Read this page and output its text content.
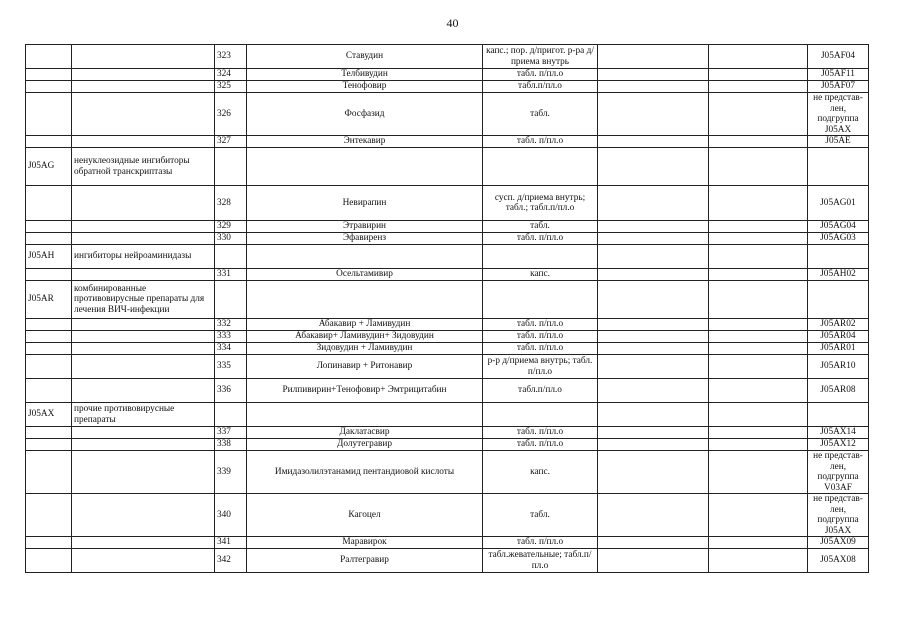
40
		323	Ставудин	капс.; пор. д/пригот. р-ра д/приема внутрь			J05AF04
		324	Телбивудин	табл. п/пл.о			J05AF11
		325	Тенофовир	табл.п/пл.о			J05AF07
		326	Фосфазид	табл.			не представ-лен, подгруппа J05AX
		327	Энтекавир	табл. п/пл.о			J05AE
J05AG	ненуклеозидные ингибиторы обратной транскриптазы						
		328	Невирапин	сусп. д/приема внутрь; табл.; табл.п/пл.о			J05AG01
		329	Этравирин	табл.			J05AG04
		330	Эфавиренз	табл. п/пл.о			J05AG03
J05AH	ингибиторы нейроаминидазы						
		331	Осельтамивир	капс.			J05AH02
J05AR	комбинированные противовирусные препараты для лечения ВИЧ-инфекции						
		332	Абакавир + Ламивудин	табл. п/пл.о			J05AR02
		333	Абакавир+ Ламивудин+ Зидовудин	табл. п/пл.о			J05AR04
		334	Зидовудин + Ламивудин	табл. п/пл.о			J05AR01
		335	Лопинавир + Ритонавир	р-р д/приема внутрь; табл. п/пл.о			J05AR10
		336	Рилпивирин+Тенофовир+ Эмтрицитабин	табл.п/пл.о			J05AR08
J05AX	прочие противовирусные препараты						
		337	Даклатасвир	табл. п/пл.о			J05AX14
		338	Долутегравир	табл. п/пл.о			J05AX12
		339	Имидазолилэтанамид пентандиовой кислоты	капс.			не представ-лен, подгруппа V03AF
		340	Кагоцел	табл.			не представ-лен, подгруппа J05AX
		341	Маравирок	табл. п/пл.о			J05AX09
		342	Ралтегравир	табл.жевательные; табл.п/пл.о			J05AX08
